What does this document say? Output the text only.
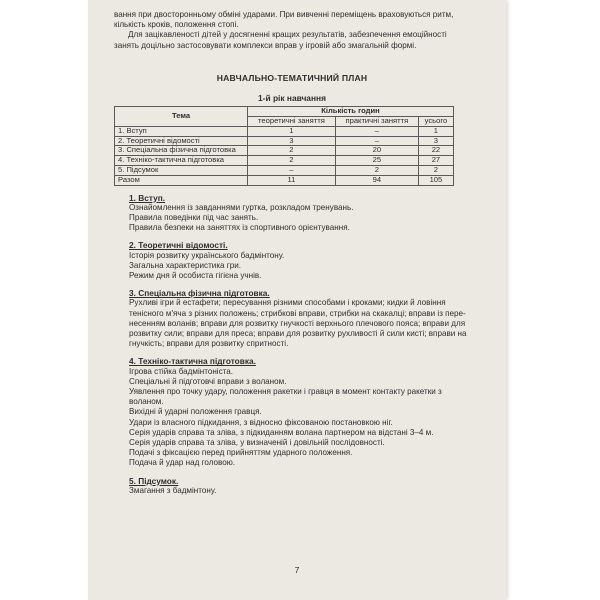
вання при двосторонньому обміні ударами. При вивченні переміщень враховуються ритм,

кількість кроків, положення стопі.

Для зацікавленості дітей у досягненні кращих результатів, забезпечення емоційності

занять доцільно застосовувати комплекси вправ у ігровій або змагальній формі.

НАВЧАЛЬНО-ТЕМАТИЧНИЙ ПЛАН
1-й рік навчання
Тема	Кількість годин		
	теоретичні заняття	практичні заняття	усього
1. Вступ	1	–	1
2. Теоретичні відомості	3	–	3
3. Спеціальна фізична підготовка	2	20	22
4. Техніко-тактична підготовка	2	25	27
5. Підсумок	–	2	2
Разом	11	94	105
1. Вступ.

Ознайомлення із завданнями гуртка, розкладом тренувань.

Правила поведінки під час занять.

Правила безпеки на заняттях із спортивного орієнтування.

2. Теоретичні відомості.

Історія розвитку українського бадмінтону.

Загальна характеристика гри.

Режим дня й особиста гігієна учнів.

3. Спеціальна фізична підготовка.

Рухливі ігри й естафети; пересування різними способами і кроками; кидки й ловіння

тенісного м'яча з різних положень; стрибкові вправи, стрибки на скакалці; вправи із пере-

несенням воланів; вправи для розвитку гнучкості верхнього плечового пояса; вправи для

розвитку сили; вправи для преса; вправи для розвитку рухливості й сили кисті; вправи на

гнучкість; вправи для розвитку спритності.

4. Техніко-тактична підготовка.

Ігрова стійка бадмінтоніста.

Спеціальні й підготовчі вправи з воланом.

Уявлення про точку удару, положення ракетки і гравця в момент контакту ракетки з

воланом.

Вихідні й ударні положення гравця.

Удари із власного підкидання, з відносно фіксованою постановкою ніг.

Серія ударів справа та зліва, з підкиданням волана партнером на відстані 3–4 м.

Серія ударів справа та зліва, у визначеній і довільній послідовності.

Подачі з фіксацією перед прийняттям ударного положення.

Подача й удар над головою.

5. Підсумок.

Змагання з бадмінтону.

7
